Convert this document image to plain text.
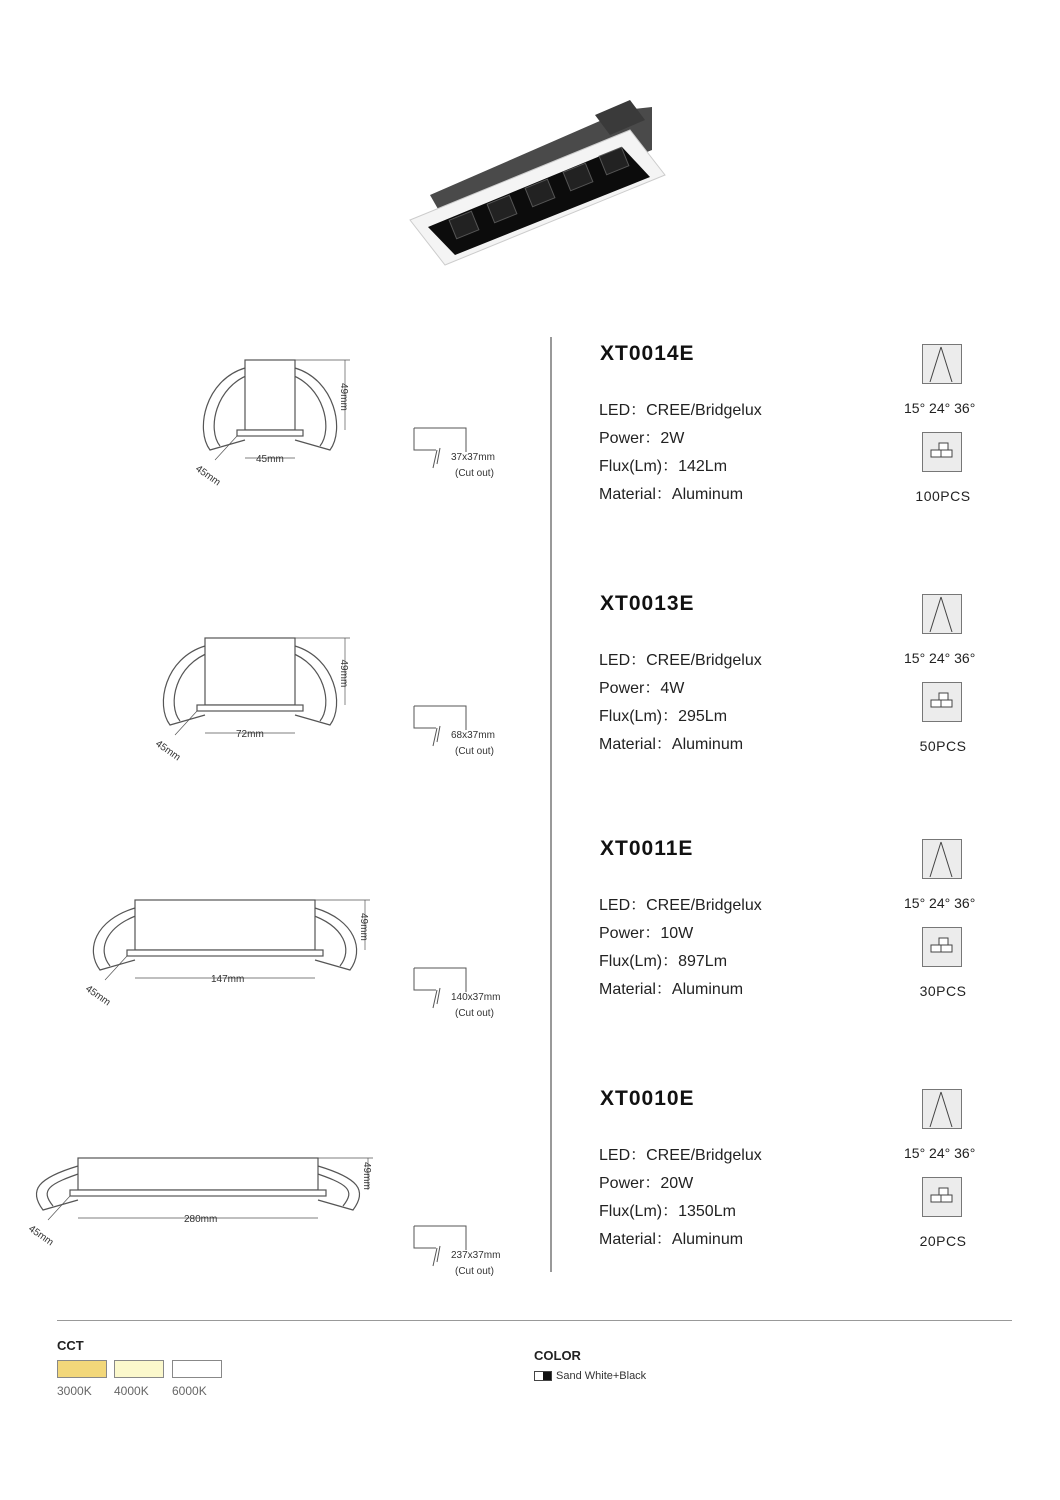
45mm
45mm
49mm
37x37mm
(Cut out)
XT0014E
LED：CREE/Bridgelux
Power：2W
Flux(Lm)：142Lm
Material：Aluminum
15° 24° 36°
100PCS
72mm
45mm
49mm
68x37mm
(Cut out)
XT0013E
LED：CREE/Bridgelux
Power：4W
Flux(Lm)：295Lm
Material：Aluminum
15° 24° 36°
50PCS
147mm
45mm
49mm
140x37mm
(Cut out)
XT0011E
LED：CREE/Bridgelux
Power：10W
Flux(Lm)：897Lm
Material：Aluminum
15° 24° 36°
30PCS
280mm
45mm
49mm
237x37mm
(Cut out)
XT0010E
LED：CREE/Bridgelux
Power：20W
Flux(Lm)：1350Lm
Material：Aluminum
15° 24° 36°
20PCS
CCT
3000K 4000K 6000K
COLOR
Sand White+Black
